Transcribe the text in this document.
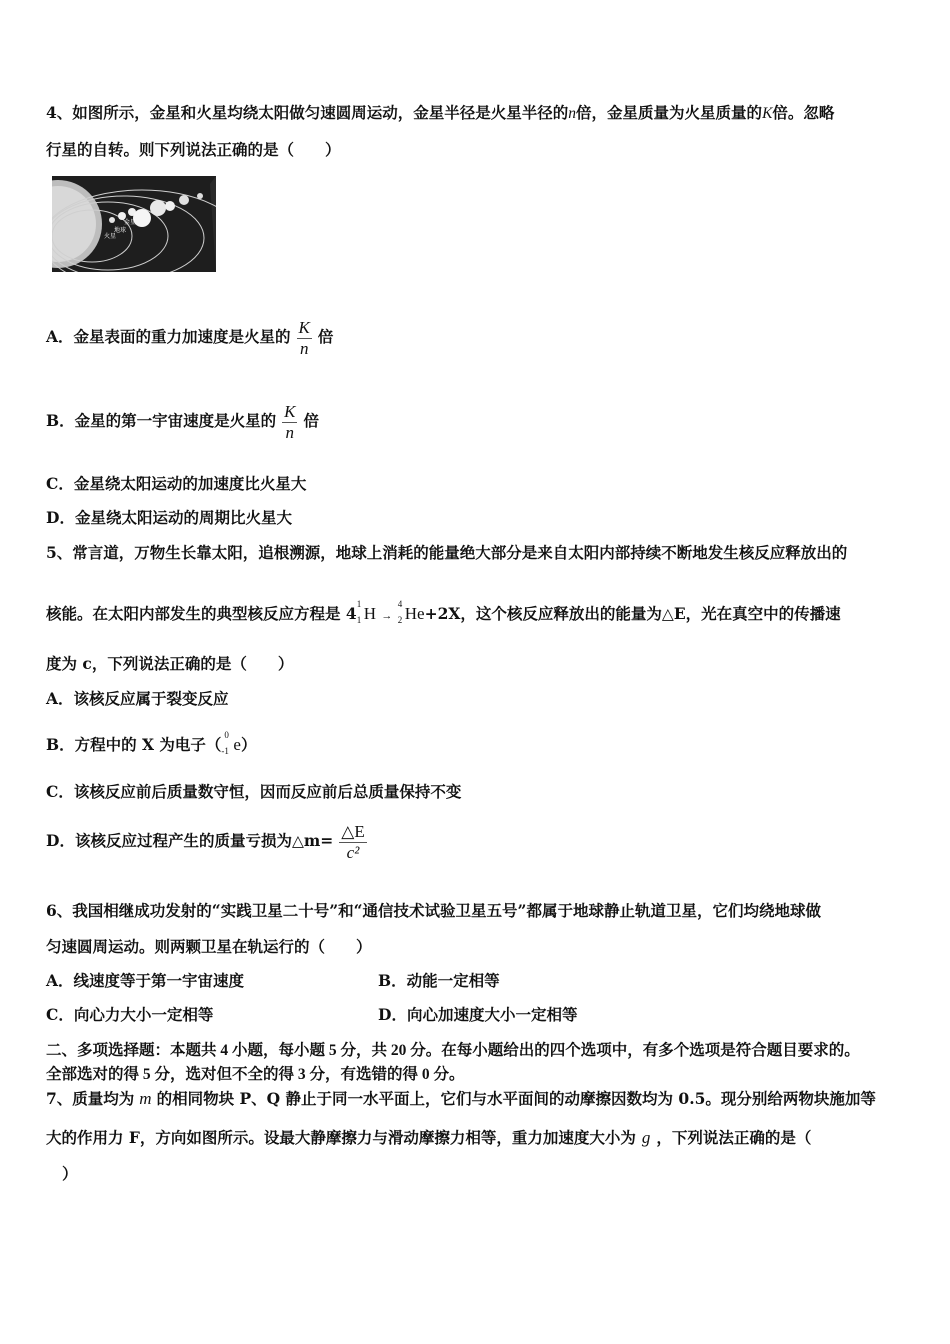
4、如图所示，金星和火星均绕太阳做匀速圆周运动，金星半径是火星半径的n倍，金星质量为火星质量的K倍。忽略
行星的自转。则下列说法正确的是（　　）
火星
地球
金星
A．金星表面的重力加速度是火星的 $\frac{K}{n}$ 倍
B．金星的第一宇宙速度是火星的 $\frac{K}{n}$ 倍
C．金星绕太阳运动的加速度比火星大
D．金星绕太阳运动的周期比火星大
5、常言道，万物生长靠太阳，追根溯源，地球上消耗的能量绝大部分是来自太阳内部持续不断地发生核反应释放出的
核能。在太阳内部发生的典型核反应方程是 4 1
1 H →
4
2 He+2X，这个核反应释放出的能量为△E，光在真空中的传播速
度为 c，下列说法正确的是（　　）
A．该核反应属于裂变反应
B．方程中的 X 为电子（ 0
-1 e）
C．该核反应前后质量数守恒，因而反应前后总质量保持不变
D．该核反应过程产生的质量亏损为△m= $\frac{\triangle E}{\text{c²}}$
6、我国相继成功发射的“实践卫星二十号”和“通信技术试验卫星五号”都属于地球静止轨道卫星，它们均绕地球做
匀速圆周运动。则两颗卫星在轨运行的（　　）
A．线速度等于第一宇宙速度	B．动能一定相等
C．向心力大小一定相等	D．向心加速度大小一定相等
二、多项选择题：本题共 4 小题，每小题 5 分，共 20 分。在每小题给出的四个选项中，有多个选项是符合题目要求的。
全部选对的得 5 分，选对但不全的得 3 分，有选错的得 0 分。
7、质量均为 m 的相同物块 P、Q 静止于同一水平面上，它们与水平面间的动摩擦因数均为 0.5。现分别给两物块施加等
大的作用力 F，方向如图所示。设最大静摩擦力与滑动摩擦力相等，重力加速度大小为 g ，下列说法正确的是（
）
